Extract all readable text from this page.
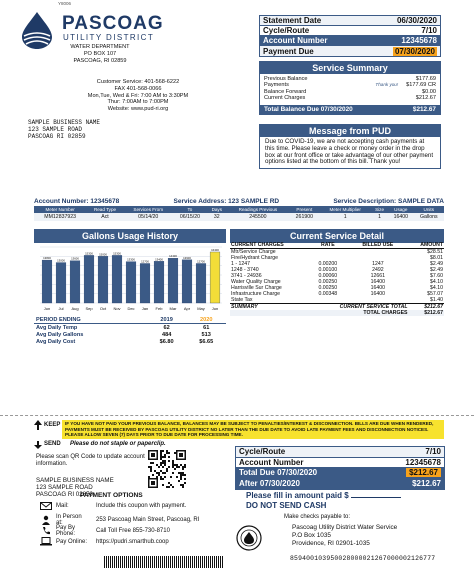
Y8006
PASCOAG
UTILITY DISTRICT
WATER DEPARTMENT
PO BOX 107
PASCOAG, RI 02859
Customer Service: 401-568-6222
FAX 401-568-0066
Mon,Tue, Wed & Fri: 7:00 AM to 3:30PM
Thur: 7:00AM to 7:00PM
Website: www.pud-ri.org
SAMPLE BUSINESS NAME
123 SAMPLE ROAD
PASCOAG RI 02859
Statement Date	06/30/2020
Cycle/Route	7/10
Account Number	12345678
Payment Due	07/30/2020
Service Summary
Previous Balance	$177.69
Payments	Thank you! $177.69 CR
Balance Forward	$0.00
Current Charges	$212.67
Total Balance Due 07/30/2020	$212.67
Message from PUD
Due to COVID-19, we are not accepting cash payments at this time. Please leave a check or money order in the drop box at our front office or take advantage of our other payment options listed at the bottom of this bill. Thank you!
Account Number: 12345678	Service Address: 123 SAMPLE RD	Service Description: SAMPLE DATA
Meter Number	Read Type	Services From	To	Days	Readings Previous	Present	Meter Multiplier	Size	Usage	Units
MM12837923	Act	05/14/20	06/15/20	32	245500	261900	1	1	16400	Gallons
Gallons Usage History
13800
Jun
13000
Jul
13600
Aug
15300
Sep
15000
Oct
15300
Nov
13300
Dec
12700
Jan
13400
Feb
14400
Mar
13900
Apr
12700
May
16400
Jun
PERIOD ENDING	2019	2020
Avg Daily Temp	62	61
Avg Daily Gallons	484	513
Avg Daily Cost	$6.80	$6.65
Current Service Detail
CURRENT CHARGES	RATE	BILLED USE	AMOUNT
Mtr/Service Charge			$28.51
Fire/Hydrant Charge			$8.01
1 - 1247	0.00200	1247	$2.49
1248 - 3740	0.00100	2492	$2.49
3741 - 24936	0.00060	12661	$7.60
Water Quality Charge	0.00250	16400	$4.10
Harrisville Sur Charge	0.00250	16400	$4.10
Infrastructure Charge	0.00348	16400	$57.07
State Tax			$1.40
SUMMARY	CURRENT SERVICE TOTAL		$212.67
	TOTAL CHARGES		$212.67
KEEP	IF YOU HAVE NOT PAID YOUR PREVIOUS BALANCE, BALANCES MAY BE SUBJECT TO PENALTIES/INTEREST & DISCONNECTION. BILLS ARE DUE WHEN RENDERED, PAYMENTS MUST BE RECEIVED BY PASCOAG UTILITY DISTRICT NO LATER THAN THE DUE DATE TO AVOID LATE PAYMENT FEES AND DISCONNECTION NOTICES. PLEASE ALLOW SEVEN (7) DAYS PRIOR TO DUE DATE FOR PROCESSING TIME.
SEND Please do not staple or paperclip.
Please scan QR Code to update account information.
SAMPLE BUSINESS NAME
123 SAMPLE ROAD
PASCOAG RI 02859
Cycle/Route	7/10
Account Number	12345678
Total Due 07/30/2020	$212.67
After 07/30/2020	$212.67
Please fill in amount paid $
DO NOT SEND CASH
PAYMENT OPTIONS
Mail:	Include this coupon with payment.
In Person at:	253 Pascoag Main Street, Pascoag, RI
Pay By Phone:	Call Toll Free 855-730-8710
Pay Online:	https://pudri.smarthub.coop
Make checks payable to:
Pascoag Utility District Water Service
P.O Box 1035
Providence, RI 02901-1035
859400103950028000021267000002126777
